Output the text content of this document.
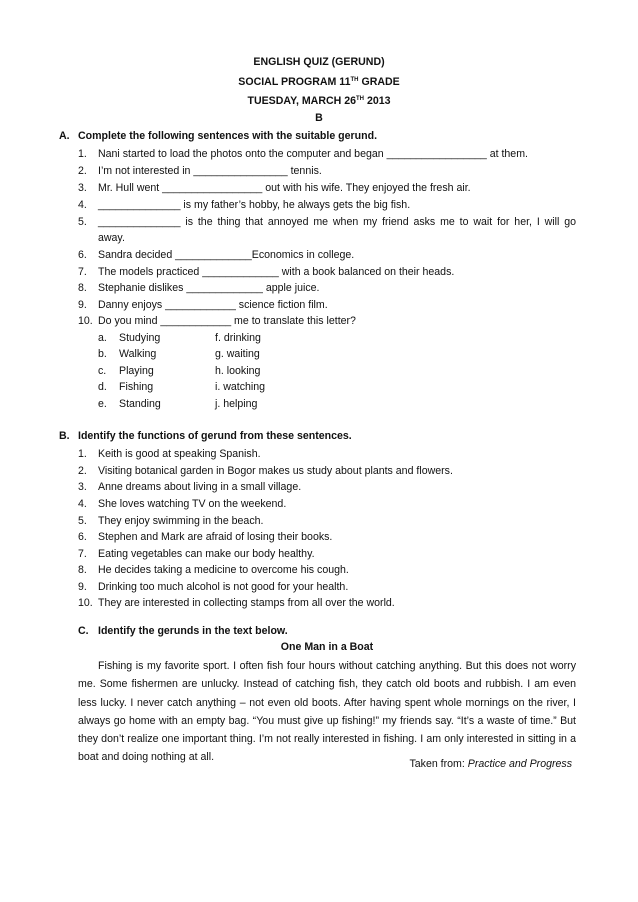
ENGLISH QUIZ (GERUND)
SOCIAL PROGRAM 11TH GRADE
TUESDAY, MARCH 26TH 2013
B
A. Complete the following sentences with the suitable gerund.
1.	Nani started to load the photos onto the computer and began _________________ at them.
2.	I’m not interested in ________________ tennis.
3.	Mr. Hull went _________________ out with his wife. They enjoyed the fresh air.
4.	______________ is my father’s hobby, he always gets the big fish.
5.	______________ is the thing that annoyed me when my friend asks me to wait for her, I will go
away.
6.	Sandra decided _____________Economics in college.
7.	The models practiced _____________ with a book balanced on their heads.
8.	Stephanie dislikes _____________ apple juice.
9.	Danny enjoys ____________ science fiction film.
10. Do you mind ____________ me to translate this letter?
a. Studying	f. drinking
b. Walking	g. waiting
c. Playing	h. looking
d. Fishing	i. watching
e. Standing	j. helping
B. Identify the functions of gerund from these sentences.
1.	Keith is good at speaking Spanish.
2.	Visiting botanical garden in Bogor makes us study about plants and flowers.
3.	Anne dreams about living in a small village.
4.	She loves watching TV on the weekend.
5.	They enjoy swimming in the beach.
6.	Stephen and Mark are afraid of losing their books.
7.	Eating vegetables can make our body healthy.
8.	He decides taking a medicine to overcome his cough.
9.	Drinking too much alcohol is not good for your health.
10. They are interested in collecting stamps from all over the world.
C. Identify the gerunds in the text below.
One Man in a Boat
Fishing is my favorite sport. I often fish four hours without catching anything. But this does not worry me. Some fishermen are unlucky. Instead of catching fish, they catch old boots and rubbish. I am even less lucky. I never catch anything – not even old boots. After having spent whole mornings on the river, I always go home with an empty bag. “You must give up fishing!” my friends say. “It’s a waste of time.” But they don’t realize one important thing. I’m not really interested in fishing. I am only interested in sitting in a boat and doing nothing at all.
Taken from: Practice and Progress
